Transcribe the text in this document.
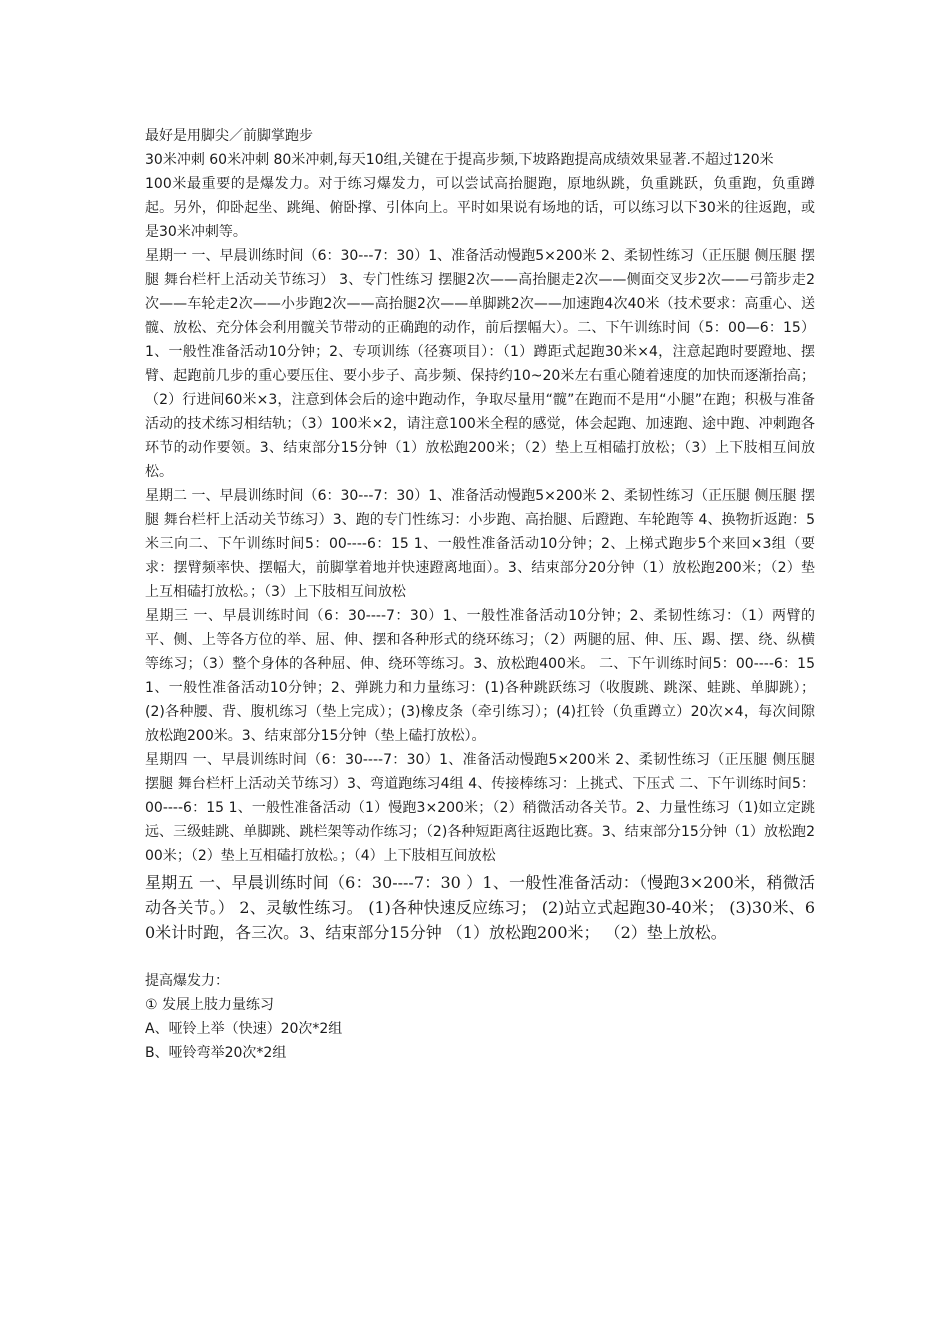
最好是用脚尖／前脚掌跑步

30米冲刺 60米冲刺 80米冲刺,每天10组,关键在于提高步频,下坡路跑提高成绩效果显著.不超过120米

100米最重要的是爆发力。对于练习爆发力，可以尝试高抬腿跑，原地纵跳，负重跳跃，负重跑，负重蹲起。另外，仰卧起坐、跳绳、俯卧撑、引体向上。平时如果说有场地的话，可以练习以下30米的往返跑，或是30米冲刺等。

星期一 一、早晨训练时间（6：30---7：30）1、准备活动慢跑5×200米 2、柔韧性练习（正压腿 侧压腿 摆腿 舞台栏杆上活动关节练习） 3、专门性练习 摆腿2次——高抬腿走2次——侧面交叉步2次——弓箭步走2次——车轮走2次——小步跑2次——高抬腿2次——单脚跳2次——加速跑4次40米（技术要求：高重心、送髋、放松、充分体会利用髋关节带动的正确跑的动作，前后摆幅大）。二、下午训练时间（5：00—6：15）1、一般性准备活动10分钟；2、专项训练（径赛项目）：（1）蹲距式起跑30米×4，注意起跑时要蹬地、摆臂、起跑前几步的重心要压住、要小步子、高步频、保持约10~20米左右重心随着速度的加快而逐渐抬高；（2）行进间60米×3，注意到体会后的途中跑动作，争取尽量用“髋”在跑而不是用“小腿”在跑；积极与准备活动的技术练习相结轨；（3）100米×2，请注意100米全程的感觉，体会起跑、加速跑、途中跑、冲刺跑各环节的动作要领。3、结束部分15分钟（1）放松跑200米；（2）垫上互相磕打放松；（3）上下肢相互间放松。

星期二 一、早晨训练时间（6：30---7：30）1、准备活动慢跑5×200米 2、柔韧性练习（正压腿 侧压腿 摆腿 舞台栏杆上活动关节练习）3、跑的专门性练习：小步跑、高抬腿、后蹬跑、车轮跑等 4、换物折返跑：5米三向二、下午训练时间5：00----6：15 1、一般性准备活动10分钟；2、上梯式跑步5个来回×3组（要求：摆臂频率快、摆幅大，前脚掌着地并快速蹬离地面）。3、结束部分20分钟（1）放松跑200米；（2）垫上互相磕打放松。；（3）上下肢相互间放松

星期三 一、早晨训练时间（6：30----7：30）1、一般性准备活动10分钟；2、柔韧性练习：（1）两臂的平、侧、上等各方位的举、屈、伸、摆和各种形式的绕环练习；（2）两腿的屈、伸、压、踢、摆、绕、纵横等练习；（3）整个身体的各种屈、伸、绕环等练习。3、放松跑400米。 二、下午训练时间5：00----6：15 1、一般性准备活动10分钟；2、弹跳力和力量练习：(1)各种跳跃练习（收腹跳、跳深、蛙跳、单脚跳）；(2)各种腰、背、腹机练习（垫上完成）；(3)橡皮条（牵引练习）；(4)扛铃（负重蹲立）20次×4，每次间隙放松跑200米。3、结束部分15分钟（垫上磕打放松）。

星期四 一、早晨训练时间（6：30----7：30）1、准备活动慢跑5×200米 2、柔韧性练习（正压腿 侧压腿 摆腿 舞台栏杆上活动关节练习）3、弯道跑练习4组 4、传接棒练习：上挑式、下压式 二、下午训练时间5：00----6：15 1、一般性准备活动（1）慢跑3×200米；（2）稍微活动各关节。2、力量性练习（1)如立定跳远、三级蛙跳、单脚跳、跳栏架等动作练习；（2)各种短距离往返跑比赛。3、结束部分15分钟（1）放松跑200米；（2）垫上互相磕打放松。；（4）上下肢相互间放松

星期五 一、早晨训练时间（6：30----7：30 ）1、一般性准备活动：（慢跑3×200米，稍微活动各关节。） 2、灵敏性练习。 (1)各种快速反应练习； (2)站立式起跑30-40米； (3)30米、60米计时跑，各三次。3、结束部分15分钟 （1）放松跑200米； （2）垫上放松。

提高爆发力：

① 发展上肢力量练习

A、哑铃上举（快速）20次*2组

B、哑铃弯举20次*2组
